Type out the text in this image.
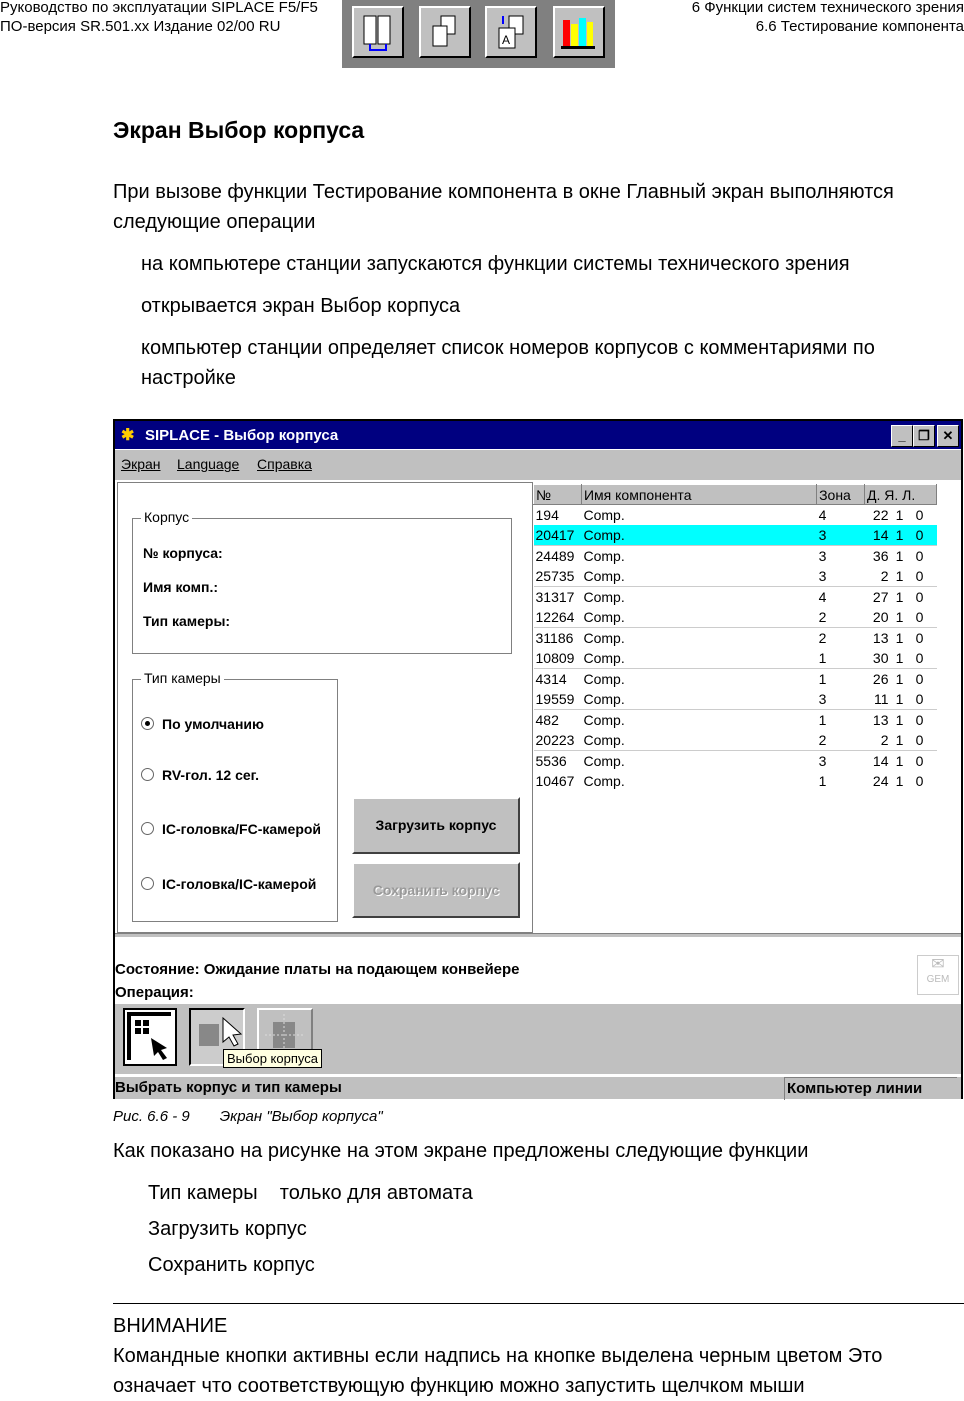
Руководство по эксплуатации SIPLACE F5/F5
ПО-версия SR.501.xx Издание 02/00 RU
6 Функции систем технического зрения
6.6 Тестирование компонента
A
Экран Выбор корпуса
При вызове функции Тестирование компонента в окне Главный экран выполняются следующие операции
на компьютере станции запускаются функции системы технического зрения
открывается экран Выбор корпуса
компьютер станции определяет список номеров корпусов с комментариями по настройке
✱ SIPLACE - Выбор корпуса	_ ❐ ✕
Экран Language Справка
Корпус
№ корпуса:
Имя комп.:
Тип камеры:
Тип камеры
По умолчанию
RV-гол. 12 сег.
IC-головка/FC-камерой
IC-головка/IC-камерой
Загрузить корпус
Сохранить корпус
№	Имя компонента	Зона	Д. Я. Л.
194	Comp.	4	22 1 0
20417	Comp.	3	14 1 0
24489	Comp.	3	36 1 0
25735	Comp.	3	2 1 0
31317	Comp.	4	27 1 0
12264	Comp.	2	20 1 0
31186	Comp.	2	13 1 0
10809	Comp.	1	30 1 0
4314	Comp.	1	26 1 0
19559	Comp.	3	11 1 0
482	Comp.	1	13 1 0
20223	Comp.	2	2 1 0
5536	Comp.	3	14 1 0
10467	Comp.	1	24 1 0
Состояние: Ожидание платы на подающем конвейере
Операция:
✉
GEM
Выбор корпуса
Выбрать корпус и тип камеры	Компьютер линии
Рис. 6.6 - 9 Экран "Выбор корпуса"
Как показано на рисунке на этом экране предложены следующие функции
Тип камеры    только для автомата
Загрузить корпус
Сохранить корпус
ВНИМАНИЕ
Командные кнопки активны если надпись на кнопке выделена черным цветом Это означает что соответствующую функцию можно запустить щелчком мыши
